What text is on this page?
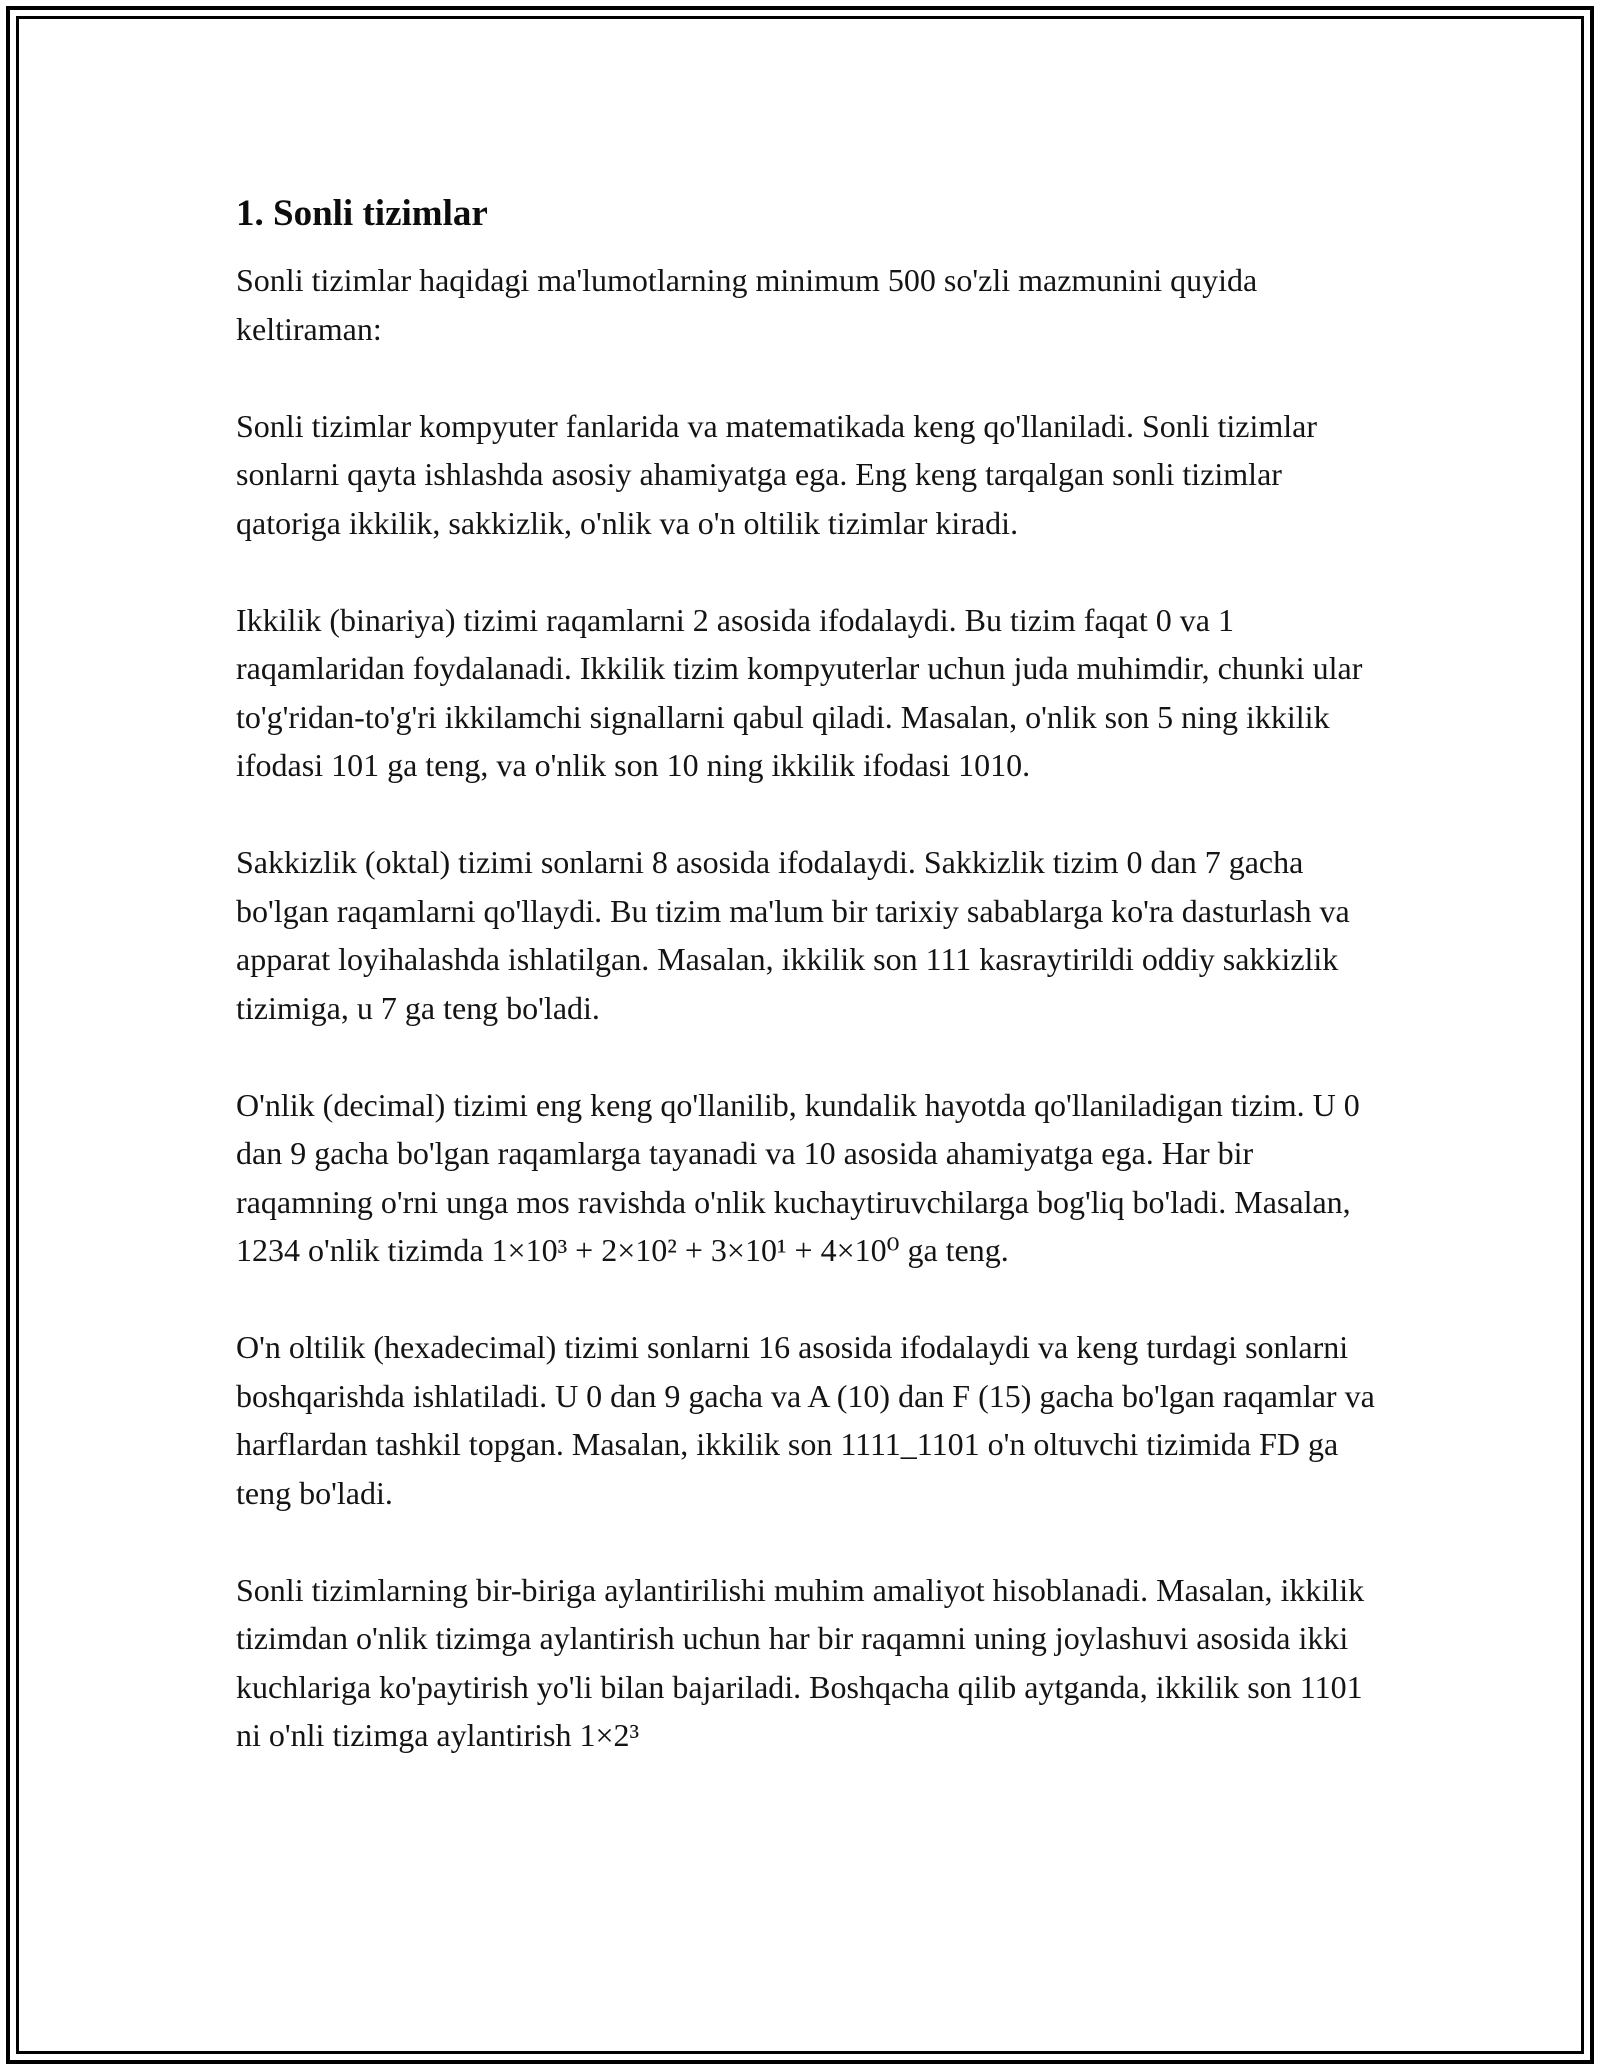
1. Sonli tizimlar

Sonli tizimlar haqidagi ma'lumotlarning minimum 500 so'zli mazmunini quyida keltiraman:

Sonli tizimlar kompyuter fanlarida va matematikada keng qo'llaniladi. Sonli tizimlar sonlarni qayta ishlashda asosiy ahamiyatga ega. Eng keng tarqalgan sonli tizimlar qatoriga ikkilik, sakkizlik, o'nlik va o'n oltilik tizimlar kiradi.

Ikkilik (binariya) tizimi raqamlarni 2 asosida ifodalaydi. Bu tizim faqat 0 va 1 raqamlaridan foydalanadi. Ikkilik tizim kompyuterlar uchun juda muhimdir, chunki ular to'g'ridan-to'g'ri ikkilamchi signallarni qabul qiladi. Masalan, o'nlik son 5 ning ikkilik ifodasi 101 ga teng, va o'nlik son 10 ning ikkilik ifodasi 1010.

Sakkizlik (oktal) tizimi sonlarni 8 asosida ifodalaydi. Sakkizlik tizim 0 dan 7 gacha bo'lgan raqamlarni qo'llaydi. Bu tizim ma'lum bir tarixiy sabablarga ko'ra dasturlash va apparat loyihalashda ishlatilgan. Masalan, ikkilik son 111 kasraytirildi oddiy sakkizlik tizimiga, u 7 ga teng bo'ladi.

O'nlik (decimal) tizimi eng keng qo'llanilib, kundalik hayotda qo'llaniladigan tizim. U 0 dan 9 gacha bo'lgan raqamlarga tayanadi va 10 asosida ahamiyatga ega. Har bir raqamning o'rni unga mos ravishda o'nlik kuchaytiruvchilarga bog'liq bo'ladi. Masalan, 1234 o'nlik tizimda 1×10³ + 2×10² + 3×10¹ + 4×10⁰ ga teng.

O'n oltilik (hexadecimal) tizimi sonlarni 16 asosida ifodalaydi va keng turdagi sonlarni boshqarishda ishlatiladi. U 0 dan 9 gacha va A (10) dan F (15) gacha bo'lgan raqamlar va harflardan tashkil topgan. Masalan, ikkilik son 1111_1101 o'n oltuvchi tizimida FD ga teng bo'ladi.

Sonli tizimlarning bir-biriga aylantirilishi muhim amaliyot hisoblanadi. Masalan, ikkilik tizimdan o'nlik tizimga aylantirish uchun har bir raqamni uning joylashuvi asosida ikki kuchlariga ko'paytirish yo'li bilan bajariladi. Boshqacha qilib aytganda, ikkilik son 1101 ni o'nli tizimga aylantirish 1×2³
